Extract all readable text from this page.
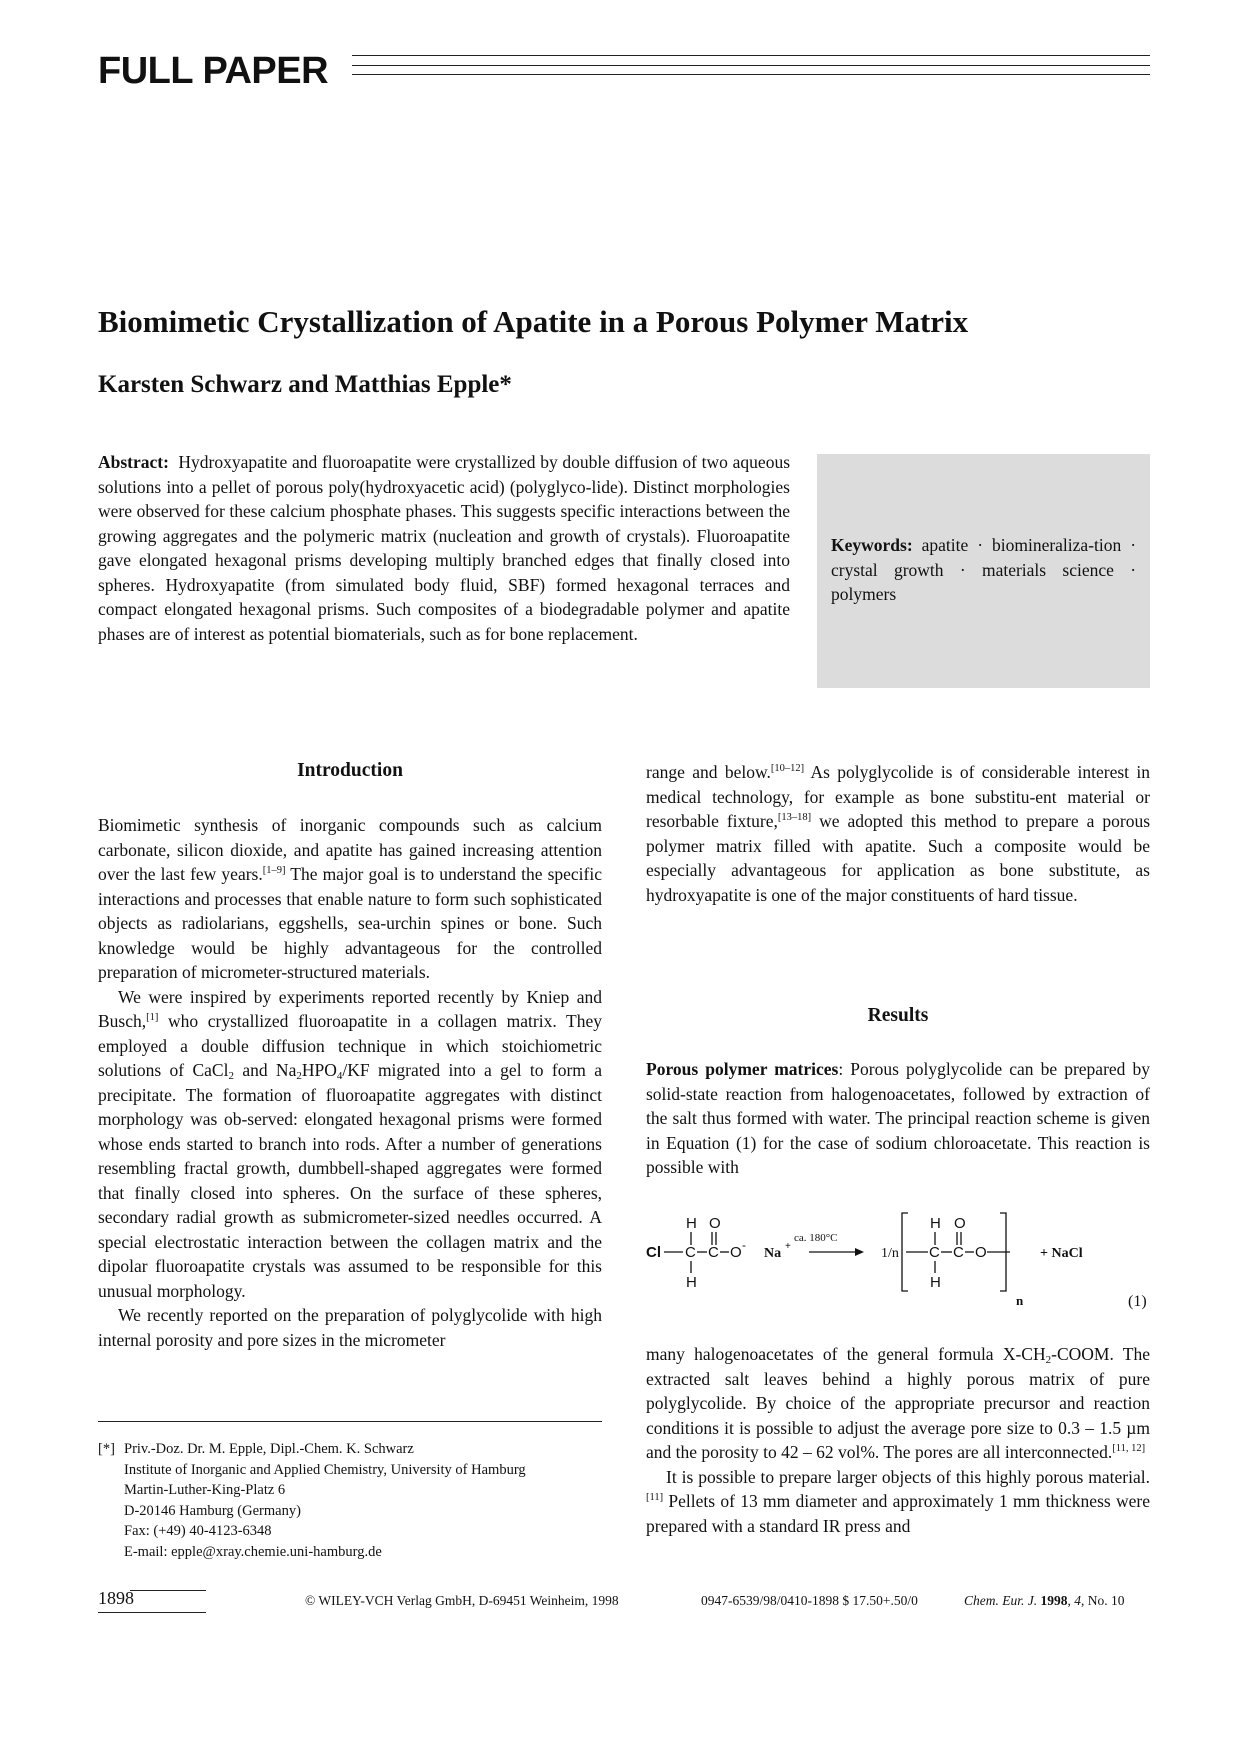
FULL PAPER
Biomimetic Crystallization of Apatite in a Porous Polymer Matrix
Karsten Schwarz and Matthias Epple*
Abstract: Hydroxyapatite and fluoroapatite were crystallized by double diffusion of two aqueous solutions into a pellet of porous poly(hydroxyacetic acid) (polyglyco-lide). Distinct morphologies were observed for these calcium phosphate phases. This suggests specific interactions between the growing aggregates and the polymeric matrix (nucleation and growth of crystals). Fluoroapatite gave elongated hexagonal prisms developing multiply branched edges that finally closed into spheres. Hydroxyapatite (from simulated body fluid, SBF) formed hexagonal terraces and compact elongated hexagonal prisms. Such composites of a biodegradable polymer and apatite phases are of interest as potential biomaterials, such as for bone replacement.
Keywords: apatite · biomineraliza-tion · crystal growth · materials science · polymers
Introduction

Biomimetic synthesis of inorganic compounds such as calcium carbonate, silicon dioxide, and apatite has gained increasing attention over the last few years.[1–9] The major goal is to understand the specific interactions and processes that enable nature to form such sophisticated objects as radiolarians, eggshells, sea-urchin spines or bone. Such knowledge would be highly advantageous for the controlled preparation of micrometer-structured materials.

We were inspired by experiments reported recently by Kniep and Busch,[1] who crystallized fluoroapatite in a collagen matrix. They employed a double diffusion technique in which stoichiometric solutions of CaCl$_2$ and $Na_2HPO_4/KF$ migrated into a gel to form a precipitate. The formation of fluoroapatite aggregates with distinct morphology was ob-served: elongated hexagonal prisms were formed whose ends started to branch into rods. After a number of generations resembling fractal growth, dumbbell-shaped aggregates were formed that finally closed into spheres. On the surface of these spheres, secondary radial growth as submicrometer-sized needles occurred. A special electrostatic interaction between the collagen matrix and the dipolar fluoroapatite crystals was assumed to be responsible for this unusual morphology.

We recently reported on the preparation of polyglycolide with high internal porosity and pore sizes in the micrometer

[*] Priv.-Doz. Dr. M. Epple, Dipl.-Chem. K. Schwarz
Institute of Inorganic and Applied Chemistry, University of Hamburg
Martin-Luther-King-Platz 6
D-20146 Hamburg (Germany)
Fax: (+49) 40-4123-6348
E-mail: epple@xray.chemie.uni-hamburg.de

range and below.[10–12] As polyglycolide is of considerable interest in medical technology, for example as bone substitu-ent material or resorbable fixture,[13–18] we adopted this method to prepare a porous polymer matrix filled with apatite. Such a composite would be especially advantageous for application as bone substitute, as hydroxyapatite is one of the major constituents of hard tissue.

Results

Porous polymer matrices: Porous polyglycolide can be prepared by solid-state reaction from halogenoacetates, followed by extraction of the salt thus formed with water. The principal reaction scheme is given in Equation (1) for the case of sodium chloroacetate. This reaction is possible with

H O
Cl C C O -
H
Na +
ca. 180°C
1/n
H O
C C O
H
n
+ NaCl
(1)

many halogenoacetates of the general formula $X-CH_2$-COOM. The extracted salt leaves behind a highly porous matrix of pure polyglycolide. By choice of the appropriate precursor and reaction conditions it is possible to adjust the average pore size to 0.3 – 1.5 µm and the porosity to 42 – 62 vol%. The pores are all interconnected.[11, 12]

It is possible to prepare larger objects of this highly porous material.[11] Pellets of 13 mm diameter and approximately 1 mm thickness were prepared with a standard IR press and

1898	© WILEY-VCH Verlag GmbH, D-69451 Weinheim, 1998	0947-6539/98/0410-1898 $ 17.50+.50/0	Chem. Eur. J. 1998, 4, No. 10
